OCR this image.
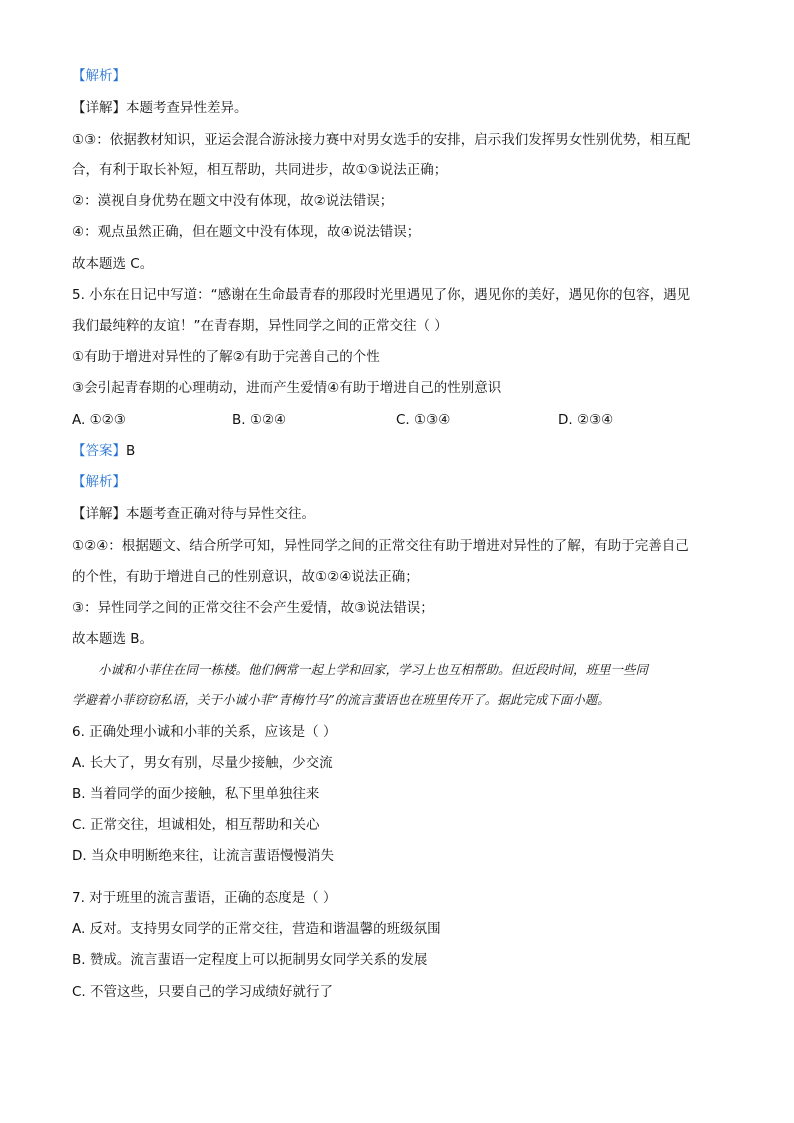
【解析】
【详解】本题考查异性差异。
①③：依据教材知识，亚运会混合游泳接力赛中对男女选手的安排，启示我们发挥男女性别优势，相互配
合，有利于取长补短，相互帮助，共同进步，故①③说法正确；
②：漠视自身优势在题文中没有体现，故②说法错误；
④：观点虽然正确，但在题文中没有体现，故④说法错误；
故本题选 C。
5. 小东在日记中写道：“感谢在生命最青春的那段时光里遇见了你，遇见你的美好，遇见你的包容，遇见
我们最纯粹的友谊！”在青春期，异性同学之间的正常交往（ ）
①有助于增进对异性的了解②有助于完善自己的个性
③会引起青春期的心理萌动，进而产生爱情④有助于增进自己的性别意识
A. ①②③	B. ①②④	C. ①③④	D. ②③④
【答案】B
【解析】
【详解】本题考查正确对待与异性交往。
①②④：根据题文、结合所学可知，异性同学之间的正常交往有助于增进对异性的了解，有助于完善自己
的个性，有助于增进自己的性别意识，故①②④说法正确；
③：异性同学之间的正常交往不会产生爱情，故③说法错误；
故本题选 B。
小诚和小菲住在同一栋楼。他们俩常一起上学和回家，学习上也互相帮助。但近段时间，班里一些同
学避着小菲窃窃私语，关于小诚小菲“青梅竹马”的流言蜚语也在班里传开了。据此完成下面小题。
6. 正确处理小诚和小菲的关系，应该是（ ）
A. 长大了，男女有别，尽量少接触，少交流
B. 当着同学的面少接触，私下里单独往来
C. 正常交往，坦诚相处，相互帮助和关心
D. 当众申明断绝来往，让流言蜚语慢慢消失
7. 对于班里的流言蜚语，正确的态度是（ ）
A. 反对。支持男女同学的正常交往，营造和谐温馨的班级氛围
B. 赞成。流言蜚语一定程度上可以扼制男女同学关系的发展
C. 不管这些，只要自己的学习成绩好就行了
